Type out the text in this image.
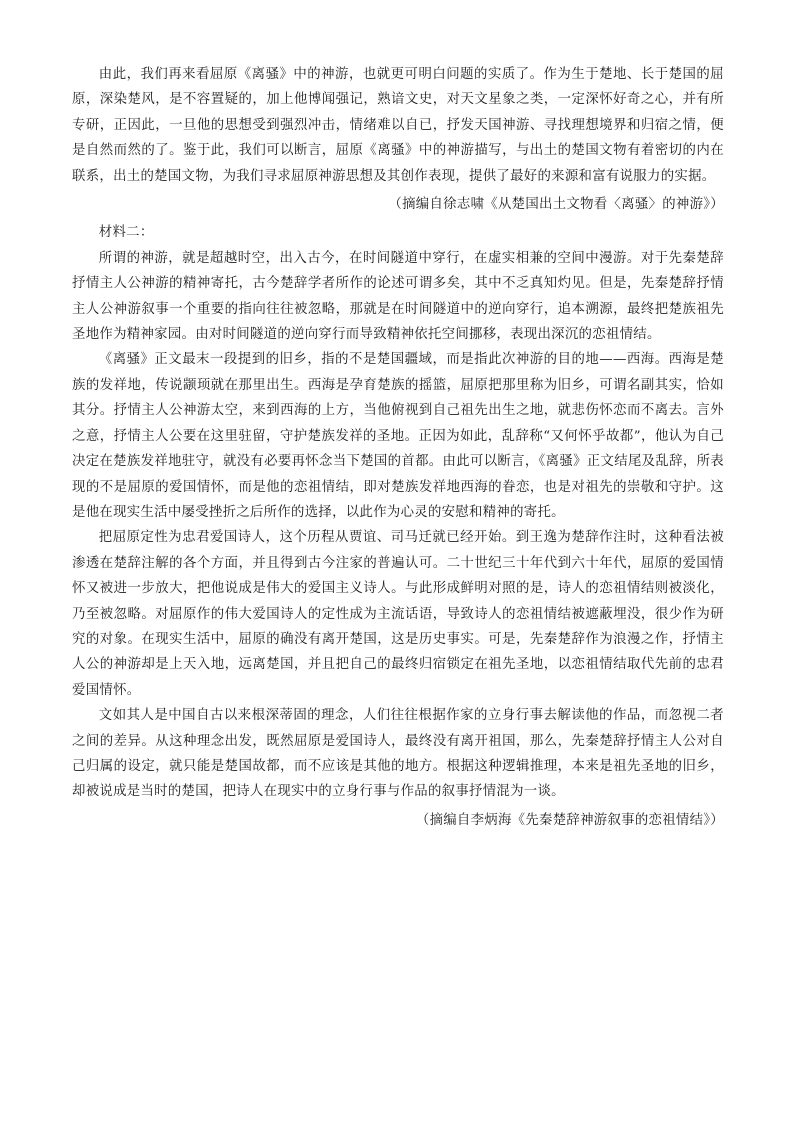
由此，我们再来看屈原《离骚》中的神游，也就更可明白问题的实质了。作为生于楚地、长于楚国的屈原，深染楚风，是不容置疑的，加上他博闻强记，熟谙文史，对天文星象之类，一定深怀好奇之心，并有所专研，正因此，一旦他的思想受到强烈冲击，情绪难以自已，抒发天国神游、寻找理想境界和归宿之情，便是自然而然的了。鉴于此，我们可以断言，屈原《离骚》中的神游描写，与出土的楚国文物有着密切的内在联系，出土的楚国文物，为我们寻求屈原神游思想及其创作表现，提供了最好的来源和富有说服力的实据。

（摘编自徐志啸《从楚国出土文物看〈离骚〉的神游》）

材料二：

所谓的神游，就是超越时空，出入古今，在时间隧道中穿行，在虚实相兼的空间中漫游。对于先秦楚辞抒情主人公神游的精神寄托，古今楚辞学者所作的论述可谓多矣，其中不乏真知灼见。但是，先秦楚辞抒情主人公神游叙事一个重要的指向往往被忽略，那就是在时间隧道中的逆向穿行，追本溯源，最终把楚族祖先圣地作为精神家园。由对时间隧道的逆向穿行而导致精神依托空间挪移，表现出深沉的恋祖情结。

《离骚》正文最末一段提到的旧乡，指的不是楚国疆域，而是指此次神游的目的地——西海。西海是楚族的发祥地，传说颛顼就在那里出生。西海是孕育楚族的摇篮，屈原把那里称为旧乡，可谓名副其实，恰如其分。抒情主人公神游太空，来到西海的上方，当他俯视到自己祖先出生之地，就悲伤怀恋而不离去。言外之意，抒情主人公要在这里驻留，守护楚族发祥的圣地。正因为如此，乱辞称“又何怀乎故都”，他认为自己决定在楚族发祥地驻守，就没有必要再怀念当下楚国的首都。由此可以断言，《离骚》正文结尾及乱辞，所表现的不是屈原的爱国情怀，而是他的恋祖情结，即对楚族发祥地西海的眷恋，也是对祖先的崇敬和守护。这是他在现实生活中屡受挫折之后所作的选择，以此作为心灵的安慰和精神的寄托。

把屈原定性为忠君爱国诗人，这个历程从贾谊、司马迁就已经开始。到王逸为楚辞作注时，这种看法被渗透在楚辞注解的各个方面，并且得到古今注家的普遍认可。二十世纪三十年代到六十年代，屈原的爱国情怀又被进一步放大，把他说成是伟大的爱国主义诗人。与此形成鲜明对照的是，诗人的恋祖情结则被淡化，乃至被忽略。对屈原作的伟大爱国诗人的定性成为主流话语，导致诗人的恋祖情结被遮蔽埋没，很少作为研究的对象。在现实生活中，屈原的确没有离开楚国，这是历史事实。可是，先秦楚辞作为浪漫之作，抒情主人公的神游却是上天入地，远离楚国，并且把自己的最终归宿锁定在祖先圣地，以恋祖情结取代先前的忠君爱国情怀。

文如其人是中国自古以来根深蒂固的理念，人们往往根据作家的立身行事去解读他的作品，而忽视二者之间的差异。从这种理念出发，既然屈原是爱国诗人，最终没有离开祖国，那么，先秦楚辞抒情主人公对自己归属的设定，就只能是楚国故都，而不应该是其他的地方。根据这种逻辑推理，本来是祖先圣地的旧乡，却被说成是当时的楚国，把诗人在现实中的立身行事与作品的叙事抒情混为一谈。

（摘编自李炳海《先秦楚辞神游叙事的恋祖情结》）
